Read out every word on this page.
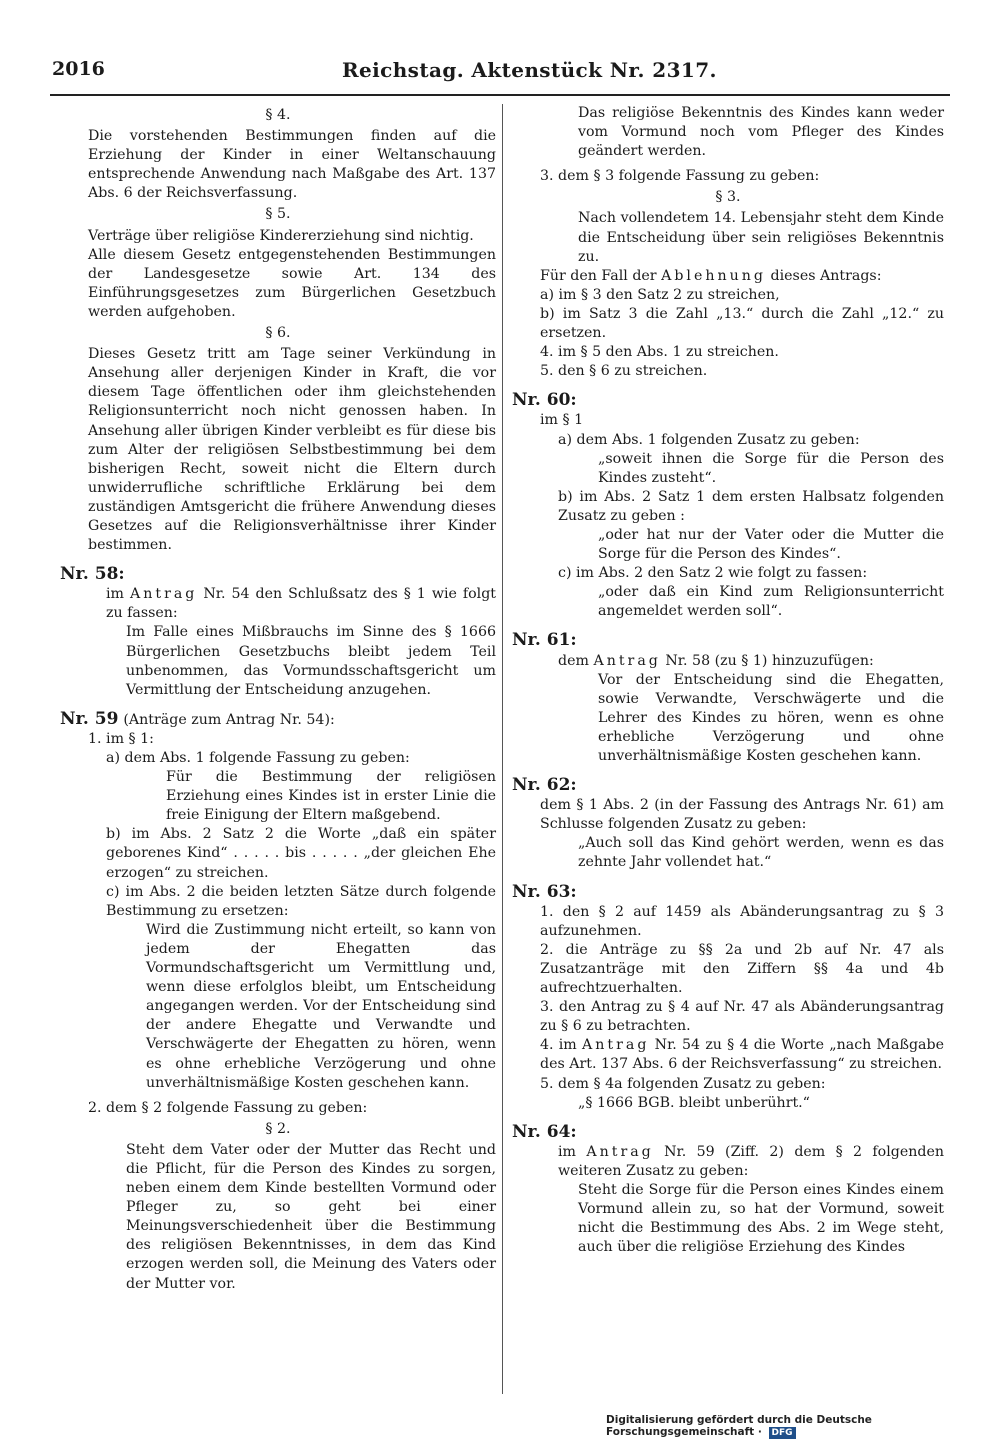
2016	Reichstag. Aktenstück Nr. 2317.

§ 4.

Die vorstehenden Bestimmungen finden auf die Erziehung der Kinder in einer Weltanschauung entsprechende Anwendung nach Maßgabe des Art. 137 Abs. 6 der Reichsverfassung.

§ 5.

Verträge über religiöse Kindererziehung sind nichtig.

Alle diesem Gesetz entgegenstehenden Bestimmungen der Landesgesetze sowie Art. 134 des Einführungsgesetzes zum Bürgerlichen Gesetzbuch werden aufgehoben.

§ 6.

Dieses Gesetz tritt am Tage seiner Verkündung in Ansehung aller derjenigen Kinder in Kraft, die vor diesem Tage öffentlichen oder ihm gleichstehenden Religionsunterricht noch nicht genossen haben. In Ansehung aller übrigen Kinder verbleibt es für diese bis zum Alter der religiösen Selbstbestimmung bei dem bisherigen Recht, soweit nicht die Eltern durch unwiderrufliche schriftliche Erklärung bei dem zuständigen Amtsgericht die frühere Anwendung dieses Gesetzes auf die Religionsverhältnisse ihrer Kinder bestimmen.

Nr. 58:

im Antrag Nr. 54 den Schlußsatz des § 1 wie folgt zu fassen:

Im Falle eines Mißbrauchs im Sinne des § 1666 Bürgerlichen Gesetzbuchs bleibt jedem Teil unbenommen, das Vormundsschaftsgericht um Vermittlung der Entscheidung anzugehen.

Nr. 59 (Anträge zum Antrag Nr. 54):

1. im § 1:

a) dem Abs. 1 folgende Fassung zu geben:

Für die Bestimmung der religiösen Erziehung eines Kindes ist in erster Linie die freie Einigung der Eltern maßgebend.

b) im Abs. 2 Satz 2 die Worte „daß ein später geborenes Kind“ . . . . . bis . . . . . „der gleichen Ehe erzogen“ zu streichen.

c) im Abs. 2 die beiden letzten Sätze durch folgende Bestimmung zu ersetzen:

Wird die Zustimmung nicht erteilt, so kann von jedem der Ehegatten das Vormundschaftsgericht um Vermittlung und, wenn diese erfolglos bleibt, um Entscheidung angegangen werden. Vor der Entscheidung sind der andere Ehegatte und Verwandte und Verschwägerte der Ehegatten zu hören, wenn es ohne erhebliche Verzögerung und ohne unverhältnismäßige Kosten geschehen kann.

2. dem § 2 folgende Fassung zu geben:

§ 2.

Steht dem Vater oder der Mutter das Recht und die Pflicht, für die Person des Kindes zu sorgen, neben einem dem Kinde bestellten Vormund oder Pfleger zu, so geht bei einer Meinungsverschiedenheit über die Bestimmung des religiösen Bekenntnisses, in dem das Kind erzogen werden soll, die Meinung des Vaters oder der Mutter vor.

Das religiöse Bekenntnis des Kindes kann weder vom Vormund noch vom Pfleger des Kindes geändert werden.

3. dem § 3 folgende Fassung zu geben:

§ 3.

Nach vollendetem 14. Lebensjahr steht dem Kinde die Entscheidung über sein religiöses Bekenntnis zu.

Für den Fall der Ablehnung dieses Antrags:

a) im § 3 den Satz 2 zu streichen,

b) im Satz 3 die Zahl „13.“ durch die Zahl „12.“ zu ersetzen.

4. im § 5 den Abs. 1 zu streichen.

5. den § 6 zu streichen.

Nr. 60:

im § 1

a) dem Abs. 1 folgenden Zusatz zu geben:

„soweit ihnen die Sorge für die Person des Kindes zusteht“.

b) im Abs. 2 Satz 1 dem ersten Halbsatz folgenden Zusatz zu geben :

„oder hat nur der Vater oder die Mutter die Sorge für die Person des Kindes“.

c) im Abs. 2 den Satz 2 wie folgt zu fassen:

„oder daß ein Kind zum Religionsunterricht angemeldet werden soll“.

Nr. 61:

dem Antrag Nr. 58 (zu § 1) hinzuzufügen:

Vor der Entscheidung sind die Ehegatten, sowie Verwandte, Verschwägerte und die Lehrer des Kindes zu hören, wenn es ohne erhebliche Verzögerung und ohne unverhältnismäßige Kosten geschehen kann.

Nr. 62:

dem § 1 Abs. 2 (in der Fassung des Antrags Nr. 61) am Schlusse folgenden Zusatz zu geben:

„Auch soll das Kind gehört werden, wenn es das zehnte Jahr vollendet hat.“

Nr. 63:

1. den § 2 auf 1459 als Abänderungsantrag zu § 3 aufzunehmen.

2. die Anträge zu §§ 2a und 2b auf Nr. 47 als Zusatzanträge mit den Ziffern §§ 4a und 4b aufrechtzuerhalten.

3. den Antrag zu § 4 auf Nr. 47 als Abänderungsantrag zu § 6 zu betrachten.

4. im Antrag Nr. 54 zu § 4 die Worte „nach Maßgabe des Art. 137 Abs. 6 der Reichsverfassung“ zu streichen.

5. dem § 4a folgenden Zusatz zu geben:

„§ 1666 BGB. bleibt unberührt.“

Nr. 64:

im Antrag Nr. 59 (Ziff. 2) dem § 2 folgenden weiteren Zusatz zu geben:

Steht die Sorge für die Person eines Kindes einem Vormund allein zu, so hat der Vormund, soweit nicht die Bestimmung des Abs. 2 im Wege steht, auch über die religiöse Erziehung des Kindes

Digitalisierung gefördert durch die Deutsche Forschungsgemeinschaft · DFG
